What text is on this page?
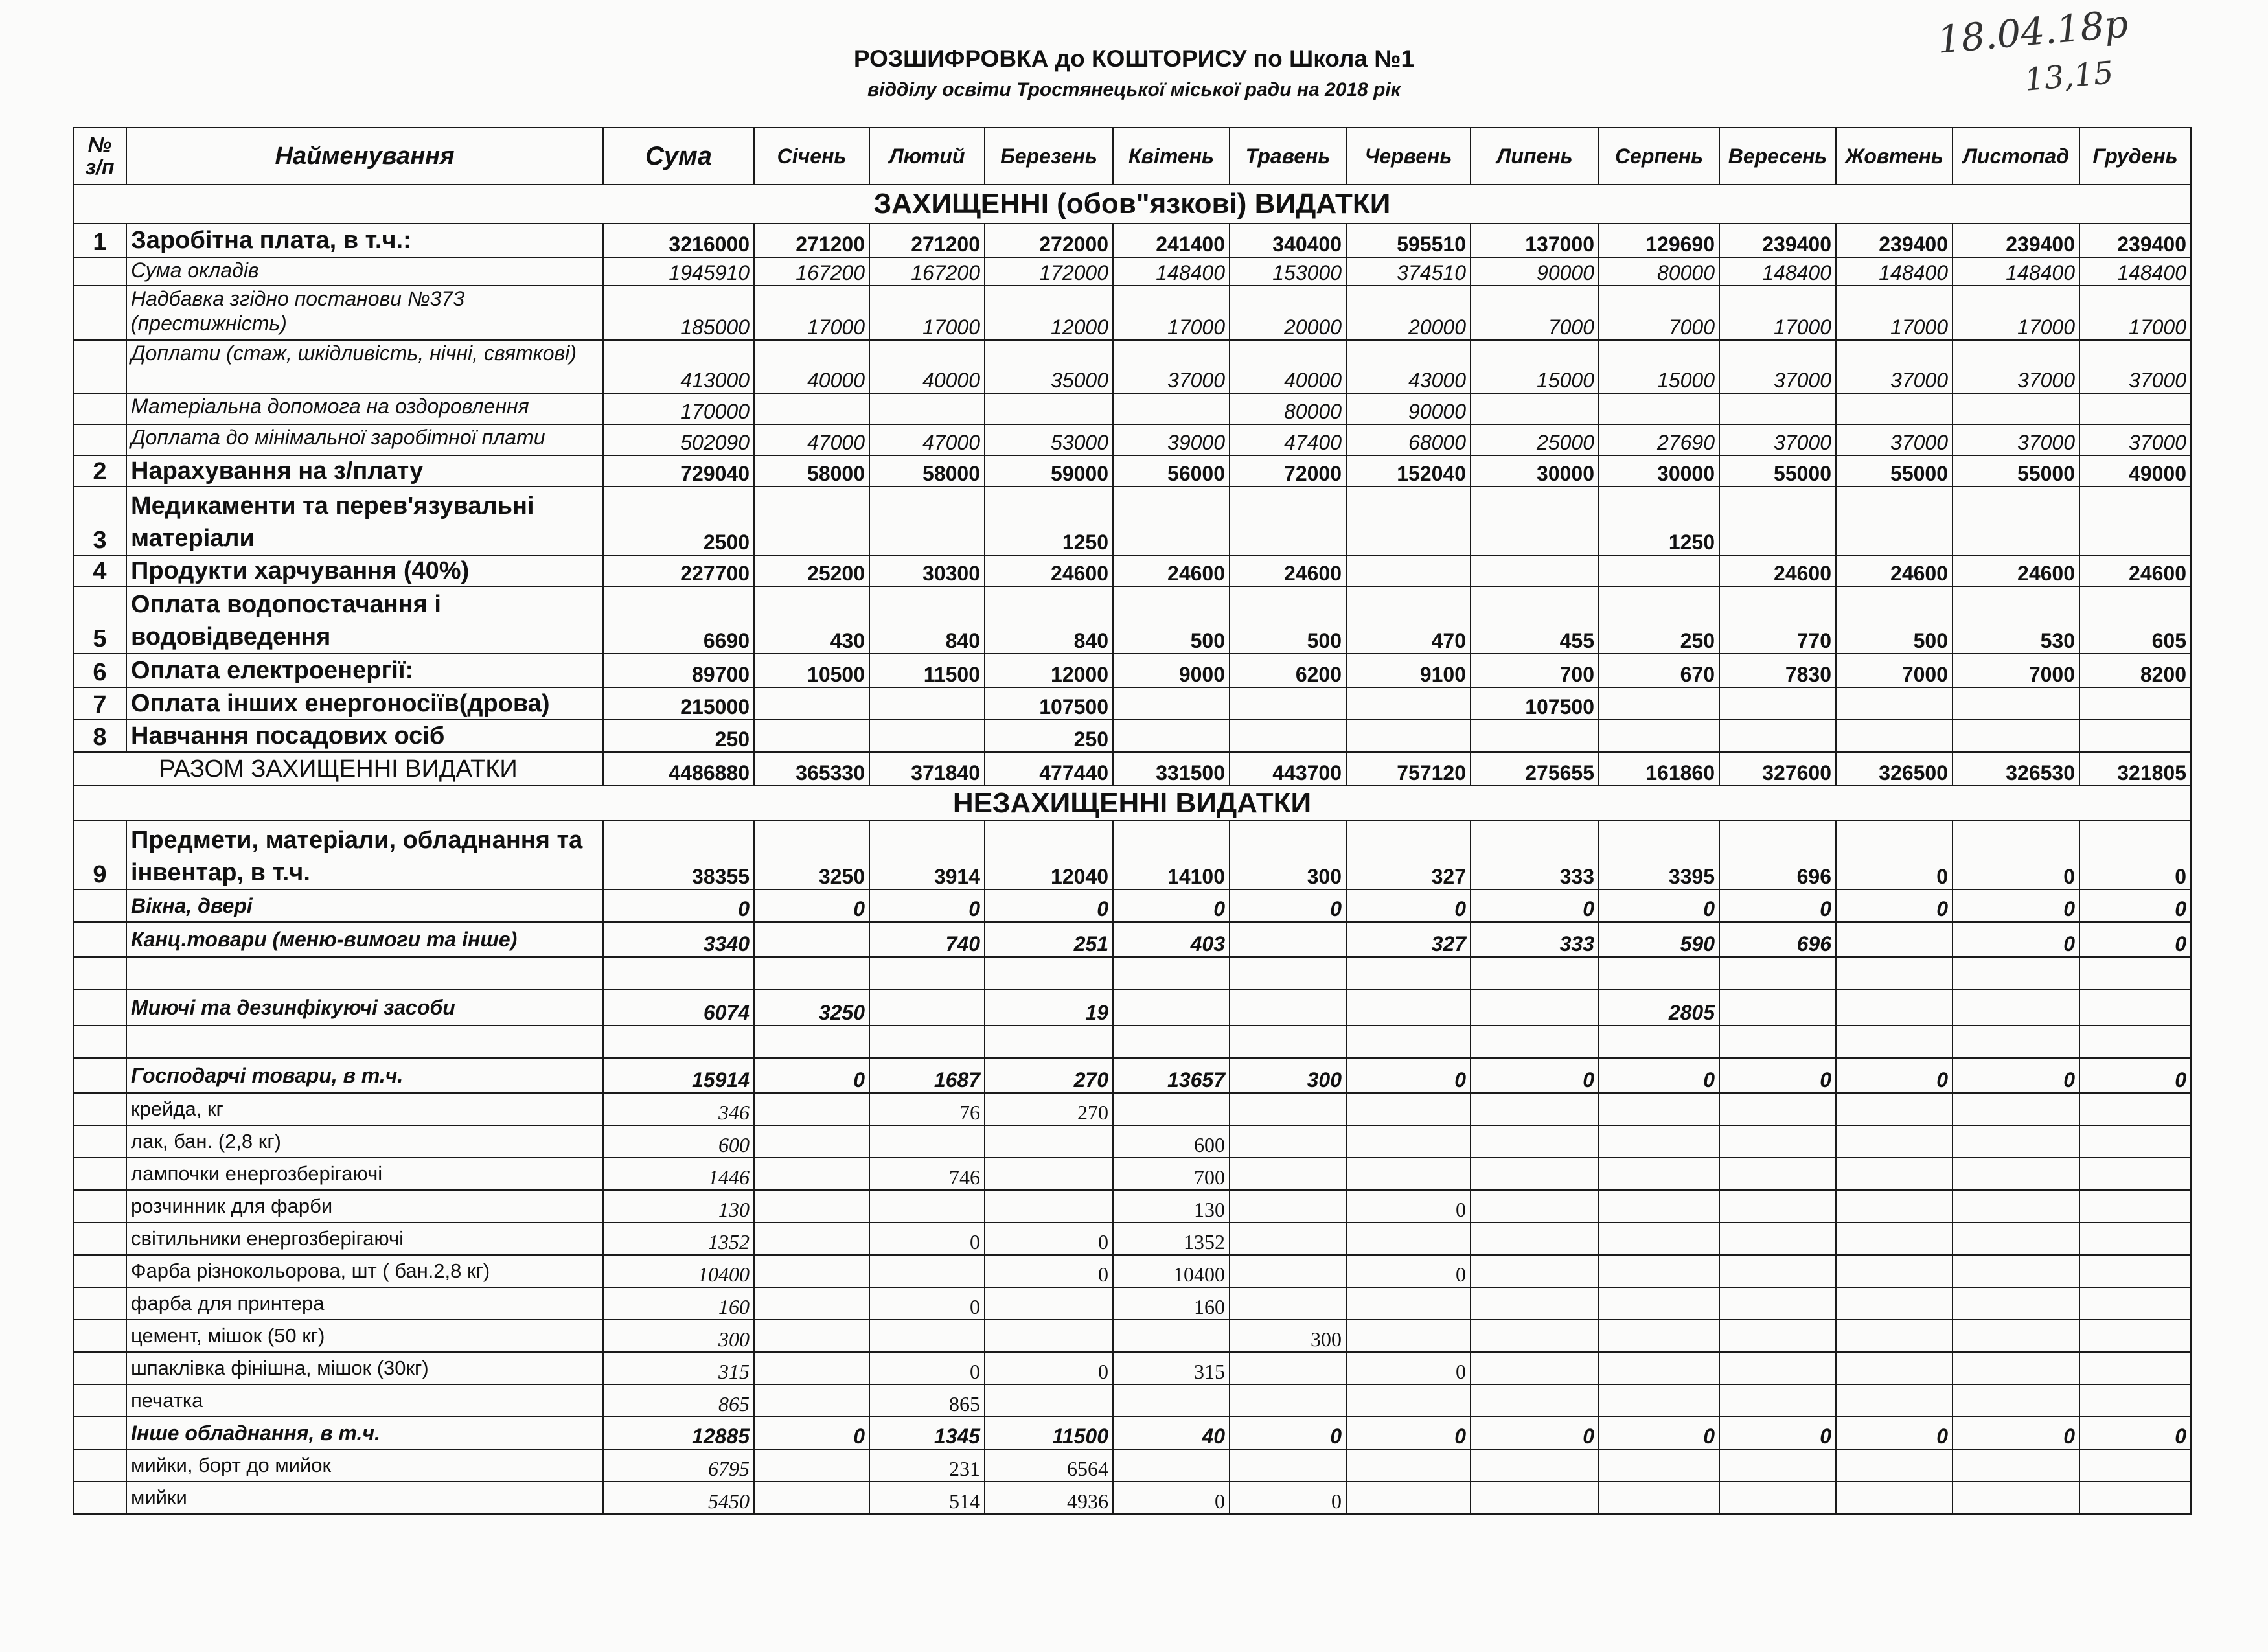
РОЗШИФРОВКА до КОШТОРИСУ по Школа №1
відділу освіти Тростянецької міської ради на 2018 рік
18.04.18р
13,15
№ з/п	Найменування	Сума	Січень	Лютий	Березень	Квітень	Травень	Червень	Липень	Серпень	Вересень	Жовтень	Листопад	Грудень
ЗАХИЩЕННІ (обов"язкові) ВИДАТКИ														
1	Заробітна плата, в т.ч.:	3216000	271200	271200	272000	241400	340400	595510	137000	129690	239400	239400	239400	239400
	Сума окладів	1945910	167200	167200	172000	148400	153000	374510	90000	80000	148400	148400	148400	148400
	Надбавка згідно постанови №373 (престижність)	185000	17000	17000	12000	17000	20000	20000	7000	7000	17000	17000	17000	17000
	Доплати (стаж, шкідливість, нічні, святкові)	413000	40000	40000	35000	37000	40000	43000	15000	15000	37000	37000	37000	37000
	Матеріальна допомога на оздоровлення	170000					80000	90000						
	Доплата до мінімальної заробітної плати	502090	47000	47000	53000	39000	47400	68000	25000	27690	37000	37000	37000	37000
2	Нарахування на з/плату	729040	58000	58000	59000	56000	72000	152040	30000	30000	55000	55000	55000	49000
3	Медикаменти та перев'язувальні матеріали	2500			1250					1250				
4	Продукти харчування (40%)	227700	25200	30300	24600	24600	24600				24600	24600	24600	24600
5	Оплата водопостачання і водовідведення	6690	430	840	840	500	500	470	455	250	770	500	530	605
6	Оплата електроенергії:	89700	10500	11500	12000	9000	6200	9100	700	670	7830	7000	7000	8200
7	Оплата інших енергоносіїв(дрова)	215000			107500				107500					
8	Навчання посадових осіб	250			250									
РАЗОМ ЗАХИЩЕННІ ВИДАТКИ		4486880	365330	371840	477440	331500	443700	757120	275655	161860	327600	326500	326530	321805
НЕЗАХИЩЕННІ ВИДАТКИ														
9	Предмети, матеріали, обладнання та інвентар, в т.ч.	38355	3250	3914	12040	14100	300	327	333	3395	696	0	0	0
	Вікна, двері	0	0	0	0	0	0	0	0	0	0	0	0	0
	Канц.товари (меню-вимоги та інше)	3340		740	251	403		327	333	590	696		0	0

	Миючі та дезинфікуючі засоби	6074	3250		19					2805				

	Господарчі товари, в т.ч.	15914	0	1687	270	13657	300	0	0	0	0	0	0	0
	крейда, кг	346		76	270									
	лак, бан. (2,8 кг)	600				600								
	лампочки енергозберігаючі	1446		746		700								
	розчинник для фарби	130				130		0						
	світильники енергозберігаючі	1352		0	0	1352								
	Фарба різнокольорова, шт ( бан.2,8 кг)	10400			0	10400		0						
	фарба для принтера	160		0		160								
	цемент, мішок (50 кг)	300					300							
	шпаклівка фінішна, мішок (30кг)	315		0	0	315		0						
	печатка	865		865										
	Інше обладнання, в т.ч.	12885	0	1345	11500	40	0	0	0	0	0	0	0	0
	мийки, борт до мийок	6795		231	6564									
	мийки	5450		514	4936	0	0							
